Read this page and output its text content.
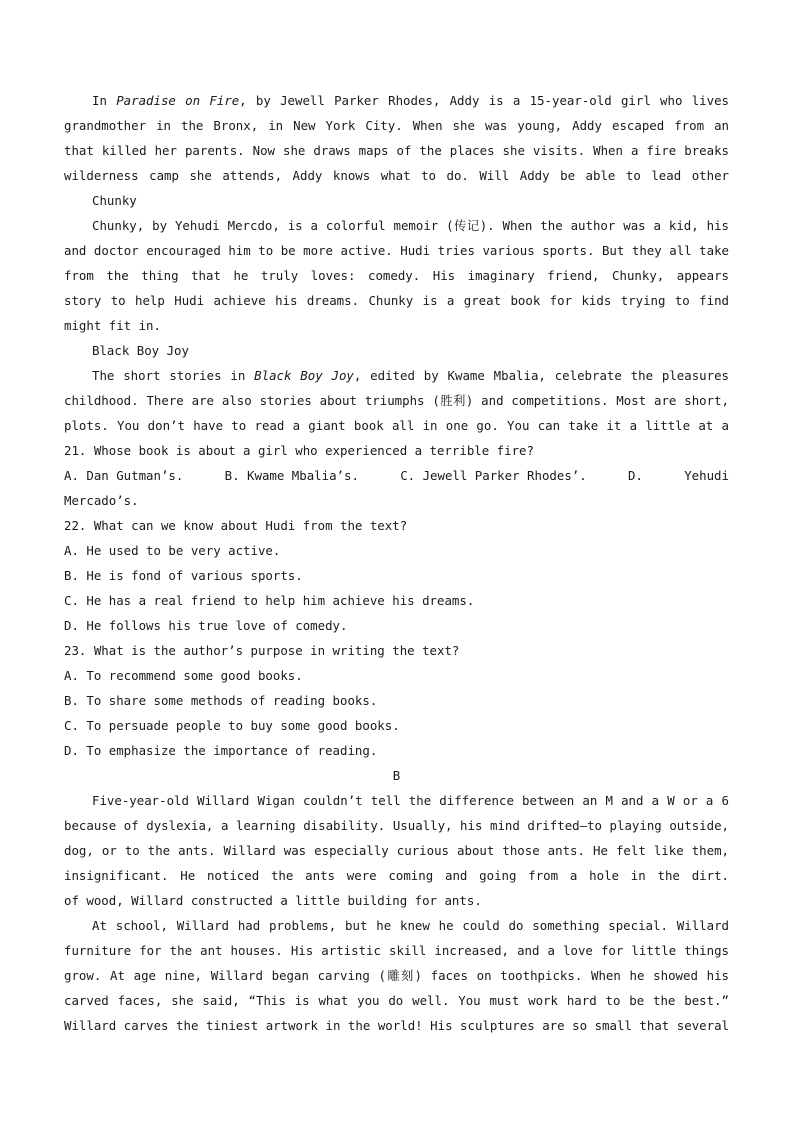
In Paradise on Fire, by Jewell Parker Rhodes, Addy is a 15-year-old girl who lives
grandmother in the Bronx, in New York City. When she was young, Addy escaped from an
that killed her parents. Now she draws maps of the places she visits. When a fire breaks
wilderness camp she attends, Addy knows what to do. Will Addy be able to lead other
Chunky
Chunky, by Yehudi Mercdo, is a colorful memoir (传记). When the author was a kid, his
and doctor encouraged him to be more active. Hudi tries various sports. But they all take
from the thing that he truly loves: comedy. His imaginary friend, Chunky, appears
story to help Hudi achieve his dreams. Chunky is a great book for kids trying to find
might fit in.
Black Boy Joy
The short stories in Black Boy Joy, edited by Kwame Mbalia, celebrate the pleasures
childhood. There are also stories about triumphs (胜利) and competitions. Most are short,
plots. You don’t have to read a giant book all in one go. You can take it a little at a
21. Whose book is about a girl who experienced a terrible fire?
A. Dan Gutman’s.	B. Kwame Mbalia’s.	C. Jewell Parker Rhodes’.	D.	Yehudi
Mercado’s.
22. What can we know about Hudi from the text?
A. He used to be very active.
B. He is fond of various sports.
C. He has a real friend to help him achieve his dreams.
D. He follows his true love of comedy.
23. What is the author’s purpose in writing the text?
A. To recommend some good books.
B. To share some methods of reading books.
C. To persuade people to buy some good books.
D. To emphasize the importance of reading.
B
Five-year-old Willard Wigan couldn’t tell the difference between an M and a W or a 6
because of dyslexia, a learning disability. Usually, his mind drifted—to playing outside,
dog, or to the ants. Willard was especially curious about those ants. He felt like them,
insignificant. He noticed the ants were coming and going from a hole in the dirt.
of wood, Willard constructed a little building for ants.
At school, Willard had problems, but he knew he could do something special. Willard
furniture for the ant houses. His artistic skill increased, and a love for little things
grow. At age nine, Willard began carving (雕刻) faces on toothpicks. When he showed his
carved faces, she said, “This is what you do well. You must work hard to be the best.”
Willard carves the tiniest artwork in the world! His sculptures are so small that several
